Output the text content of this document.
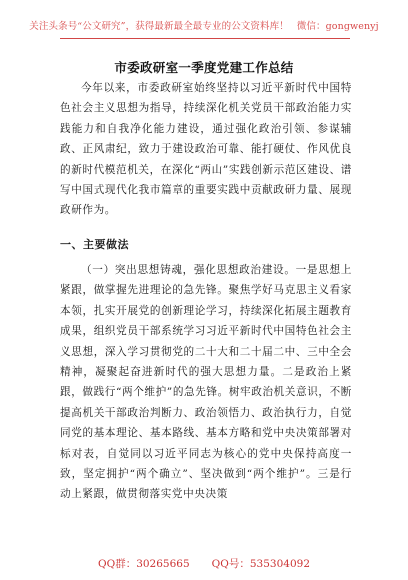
关注头条号“公文研究”，获得最新最全最专业的公文资料库！ 微信：gongwenyj
市委政研室一季度党建工作总结

今年以来，市委政研室始终坚持以习近平新时代中国特色社会主义思想为指导，持续深化机关党员干部政治能力实践能力和自我净化能力建设，通过强化政治引领、参谋辅政、正风肃纪，致力于建设政治可靠、能打硬仗、作风优良的新时代模范机关，在深化“两山”实践创新示范区建设、谱写中国式现代化我市篇章的重要实践中贡献政研力量、展现政研作为。

一、主要做法

（一）突出思想铸魂，强化思想政治建设。一是思想上紧跟，做掌握先进理论的急先锋。聚焦学好马克思主义看家本领，扎实开展党的创新理论学习，持续深化拓展主题教育成果，组织党员干部系统学习习近平新时代中国特色社会主义思想，深入学习贯彻党的二十大和二十届二中、三中全会精神，凝聚起奋进新时代的强大思想力量。二是政治上紧跟，做践行“两个维护”的急先锋。树牢政治机关意识，不断提高机关干部政治判断力、政治领悟力、政治执行力，自觉同党的基本理论、基本路线、基本方略和党中央决策部署对标对表，自觉同以习近平同志为核心的党中央保持高度一致，坚定拥护“两个确立”、坚决做到“两个维护”。三是行动上紧跟，做贯彻落实党中央决策

QQ群：30265665 QQ号：535304092
